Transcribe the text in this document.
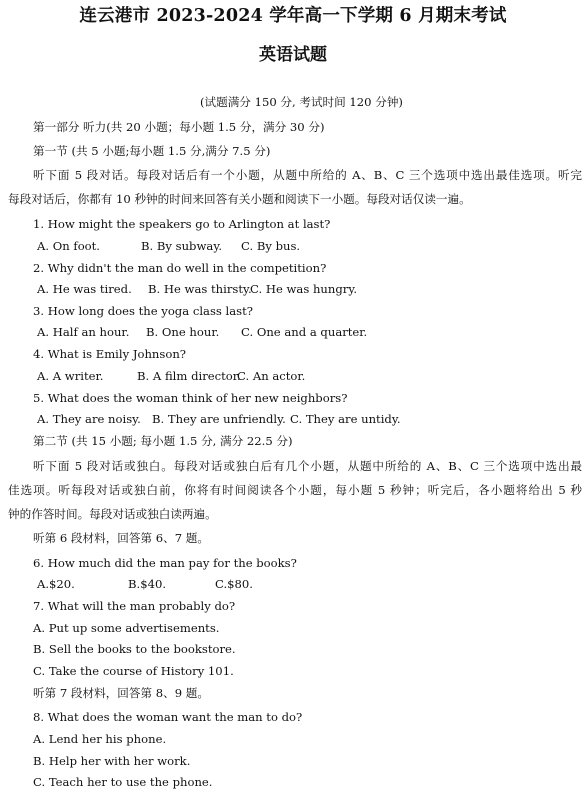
连云港市 2023-2024 学年高一下学期 6 月期末考试
英语试题
(试题满分 150 分, 考试时间 120 分钟)
第一部分 听力(共 20 小题；每小题 1.5 分，满分 30 分)
第一节 (共 5 小题;每小题 1.5 分,满分 7.5 分)
听下面 5 段对话。每段对话后有一个小题，从题中所给的 A、B、C 三个选项中选出最佳选项。听完
每段对话后，你都有 10 秒钟的时间来回答有关小题和阅读下一小题。每段对话仅读一遍。
1. How might the speakers go to Arlington at last?
A. On foot.	B. By subway. C. By bus.
2. Why didn't the man do well in the competition?
A. He was tired. B. He was thirsty.
C. He was hungry.
3. How long does the yoga class last?
A. Half an hour. B. One hour. C. One and a quarter.
4. What is Emily Johnson?
A. A writer.	B. A film director.
C. An actor.
5. What does the woman think of her new neighbors?
A. They are noisy. B. They are unfriendly. C. They are untidy.
第二节 (共 15 小题; 每小题 1.5 分, 满分 22.5 分)
听下面 5 段对话或独白。每段对话或独白后有几个小题，从题中所给的 A、B、C 三个选项中选出最
佳选项。听每段对话或独白前，你将有时间阅读各个小题，每小题 5 秒钟；听完后，各小题将给出 5 秒
钟的作答时间。每段对话或独白读两遍。
听第 6 段材料，回答第 6、7 题。
6. How much did the man pay for the books?
A.$20.	B.$40.	C.$80.
7. What will the man probably do?
A. Put up some advertisements.
B. Sell the books to the bookstore.
C. Take the course of History 101.
听第 7 段材料，回答第 8、9 题。
8. What does the woman want the man to do?
A. Lend her his phone.
B. Help her with her work.
C. Teach her to use the phone.
